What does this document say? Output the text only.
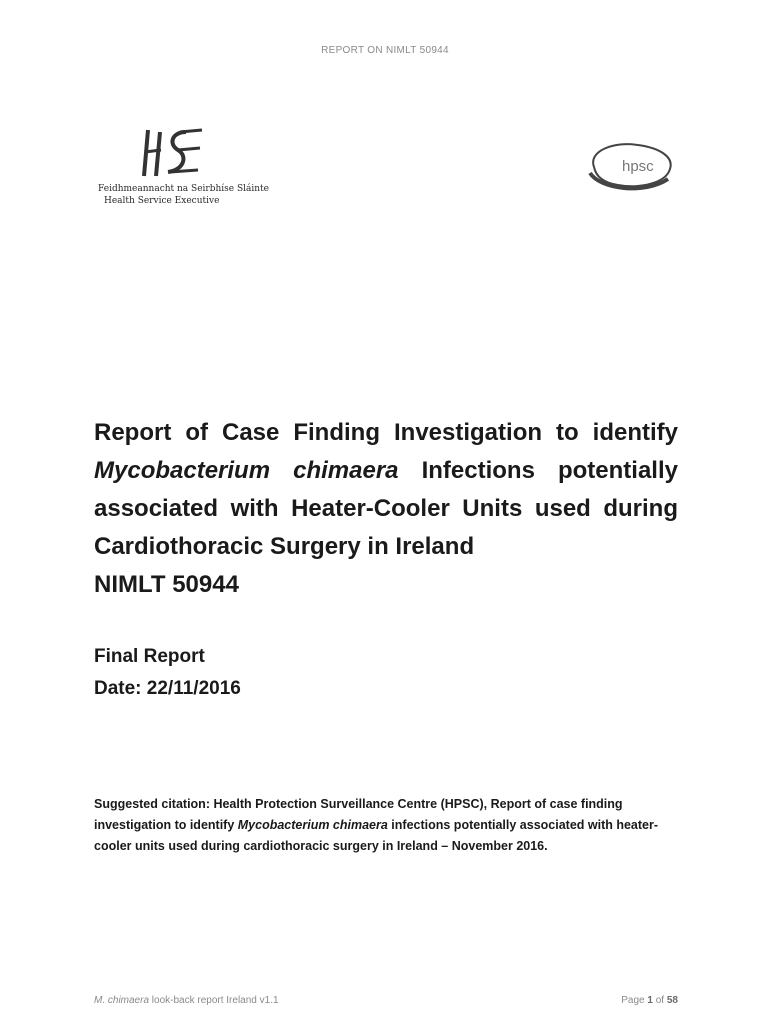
REPORT ON NIMLT 50944
Feidhmeannacht na Seirbhíse Sláinte
Health Service Executive
hpsc
Report of Case Finding Investigation to identify
Mycobacterium chimaera Infections potentially
associated with Heater-Cooler Units used during
Cardiothoracic Surgery in Ireland
NIMLT 50944
Final Report
Date: 22/11/2016
Suggested citation: Health Protection Surveillance Centre (HPSC), Report of case finding investigation to identify Mycobacterium chimaera infections potentially associated with heater-cooler units used during cardiothoracic surgery in Ireland – November 2016.
M. chimaera look-back report Ireland v1.1	Page 1 of 58
